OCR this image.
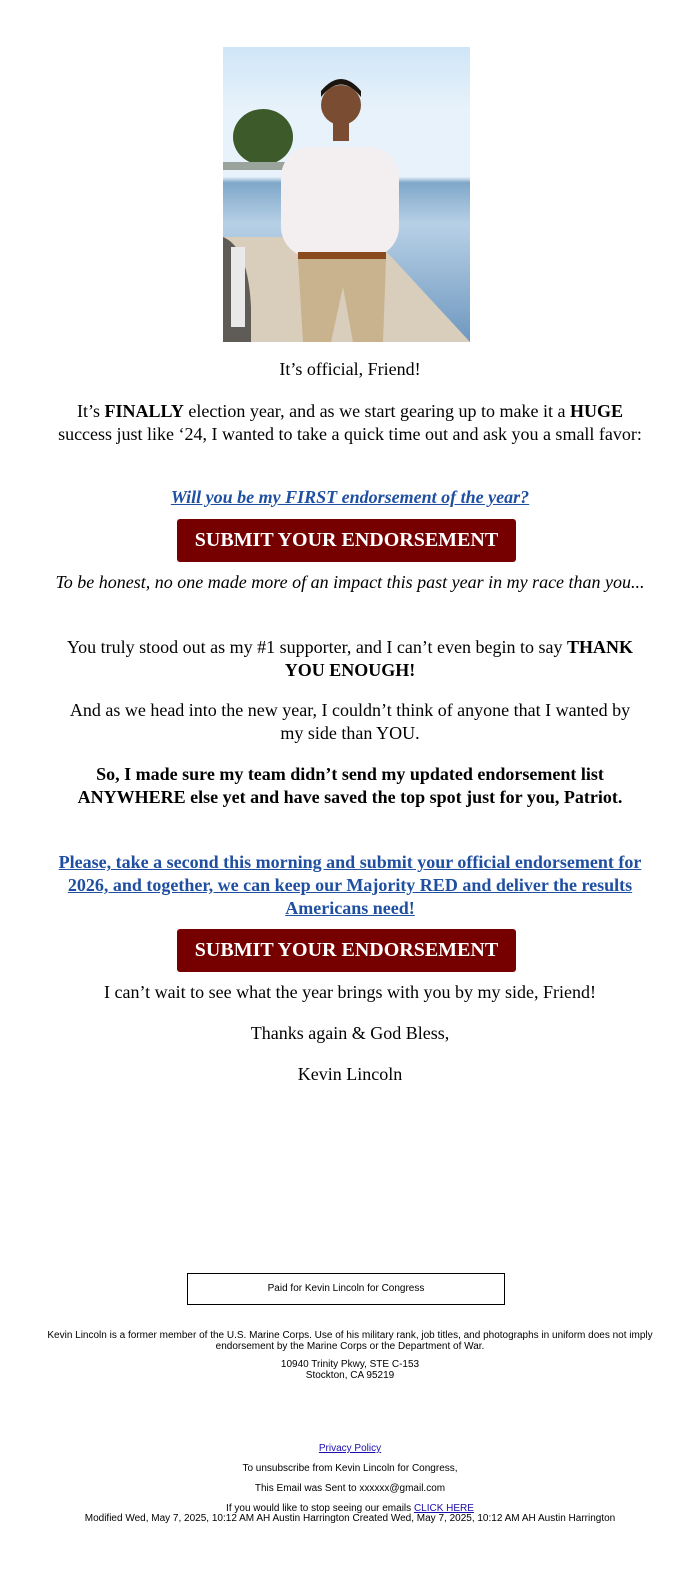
It’s official, Friend!
It’s FINALLY election year, and as we start gearing up to make it a HUGE success just like ‘24, I wanted to take a quick time out and ask you a small favor:
Will you be my FIRST endorsement of the year?
SUBMIT YOUR ENDORSEMENT
To be honest, no one made more of an impact this past year in my race than you...
You truly stood out as my #1 supporter, and I can’t even begin to say THANK YOU ENOUGH!
And as we head into the new year, I couldn’t think of anyone that I wanted by my side than YOU.
So, I made sure my team didn’t send my updated endorsement list ANYWHERE else yet and have saved the top spot just for you, Patriot.
Please, take a second this morning and submit your official endorsement for 2026, and together, we can keep our Majority RED and deliver the results Americans need!
SUBMIT YOUR ENDORSEMENT
I can’t wait to see what the year brings with you by my side, Friend!
Thanks again & God Bless,
Kevin Lincoln
Paid for Kevin Lincoln for Congress
Kevin Lincoln is a former member of the U.S. Marine Corps. Use of his military rank, job titles, and photographs in uniform does not imply endorsement by the Marine Corps or the Department of War.
10940 Trinity Pkwy, STE C-153
Stockton, CA 95219
Privacy Policy
To unsubscribe from Kevin Lincoln for Congress,
This Email was Sent to xxxxxx@gmail.com
If you would like to stop seeing our emails CLICK HERE
Modified Wed, May 7, 2025, 10:12 AM AH Austin Harrington Created Wed, May 7, 2025, 10:12 AM AH Austin Harrington
